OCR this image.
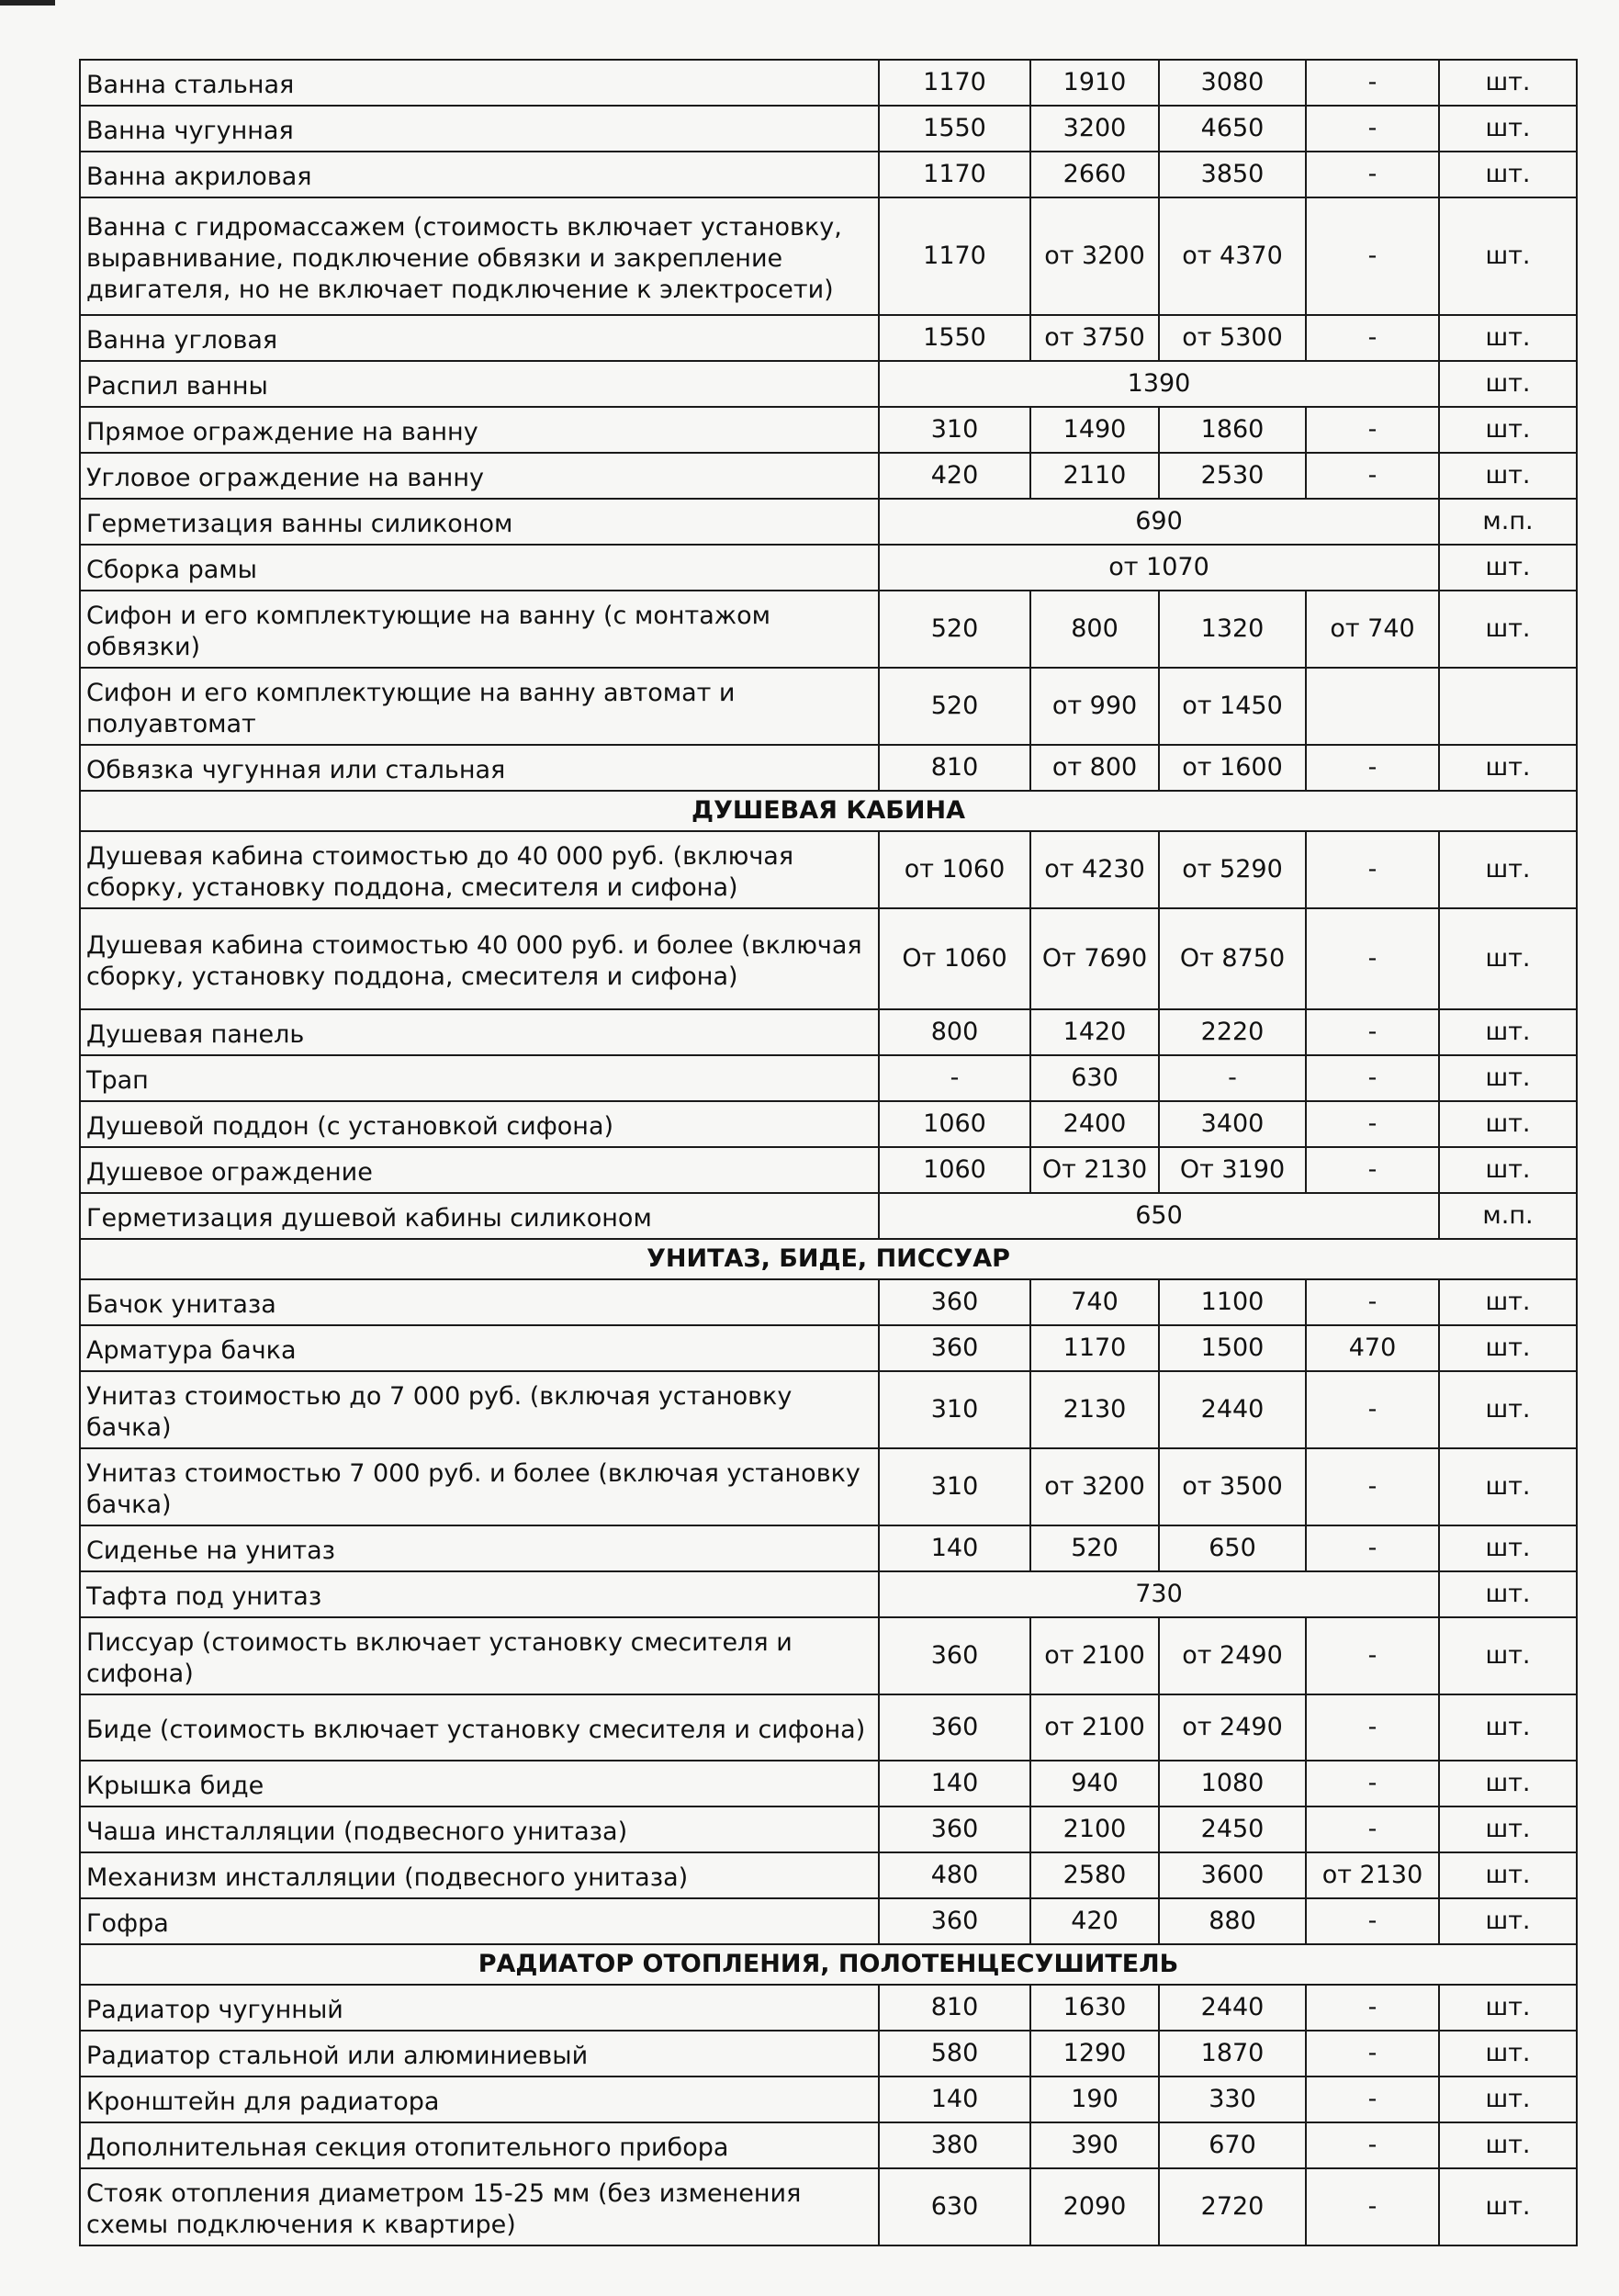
Ванна стальная	1170	1910	3080	-	шт.
Ванна чугунная	1550	3200	4650	-	шт.
Ванна акриловая	1170	2660	3850	-	шт.
Ванна с гидромассажем (стоимость включает установку, выравнивание, подключение обвязки и закрепление двигателя, но не включает подключение к электросети)	1170	от 3200	от 4370	-	шт.
Ванна угловая	1550	от 3750	от 5300	-	шт.
Распил ванны	1390				шт.
Прямое ограждение на ванну	310	1490	1860	-	шт.
Угловое ограждение на ванну	420	2110	2530	-	шт.
Герметизация ванны силиконом	690				м.п.
Сборка рамы	от 1070				шт.
Сифон и его комплектующие на ванну (с монтажом обвязки)	520	800	1320	от 740	шт.
Сифон и его комплектующие на ванну автомат и полуавтомат	520	от 990	от 1450		
Обвязка чугунная или стальная	810	от 800	от 1600	-	шт.
ДУШЕВАЯ КАБИНА					
Душевая кабина стоимостью до 40 000 руб. (включая сборку, установку поддона, смесителя и сифона)	от 1060	от 4230	от 5290	-	шт.
Душевая кабина стоимостью 40 000 руб. и более (включая сборку, установку поддона, смесителя и сифона)	От 1060	От 7690	От 8750	-	шт.
Душевая панель	800	1420	2220	-	шт.
Трап	-	630	-	-	шт.
Душевой поддон (с установкой сифона)	1060	2400	3400	-	шт.
Душевое ограждение	1060	От 2130	От 3190	-	шт.
Герметизация душевой кабины силиконом	650				м.п.
УНИТАЗ, БИДЕ, ПИССУАР					
Бачок унитаза	360	740	1100	-	шт.
Арматура бачка	360	1170	1500	470	шт.
Унитаз стоимостью до 7 000 руб. (включая установку бачка)	310	2130	2440	-	шт.
Унитаз стоимостью 7 000 руб. и более (включая установку бачка)	310	от 3200	от 3500	-	шт.
Сиденье на унитаз	140	520	650	-	шт.
Тафта под унитаз	730				шт.
Писсуар (стоимость включает установку смесителя и сифона)	360	от 2100	от 2490	-	шт.
Биде (стоимость включает установку смесителя и сифона)	360	от 2100	от 2490	-	шт.
Крышка биде	140	940	1080	-	шт.
Чаша инсталляции (подвесного унитаза)	360	2100	2450	-	шт.
Механизм инсталляции (подвесного унитаза)	480	2580	3600	от 2130	шт.
Гофра	360	420	880	-	шт.
РАДИАТОР ОТОПЛЕНИЯ, ПОЛОТЕНЦЕСУШИТЕЛЬ					
Радиатор чугунный	810	1630	2440	-	шт.
Радиатор стальной или алюминиевый	580	1290	1870	-	шт.
Кронштейн для радиатора	140	190	330	-	шт.
Дополнительная секция отопительного прибора	380	390	670	-	шт.
Стояк отопления диаметром 15-25 мм (без изменения схемы подключения к квартире)	630	2090	2720	-	шт.
